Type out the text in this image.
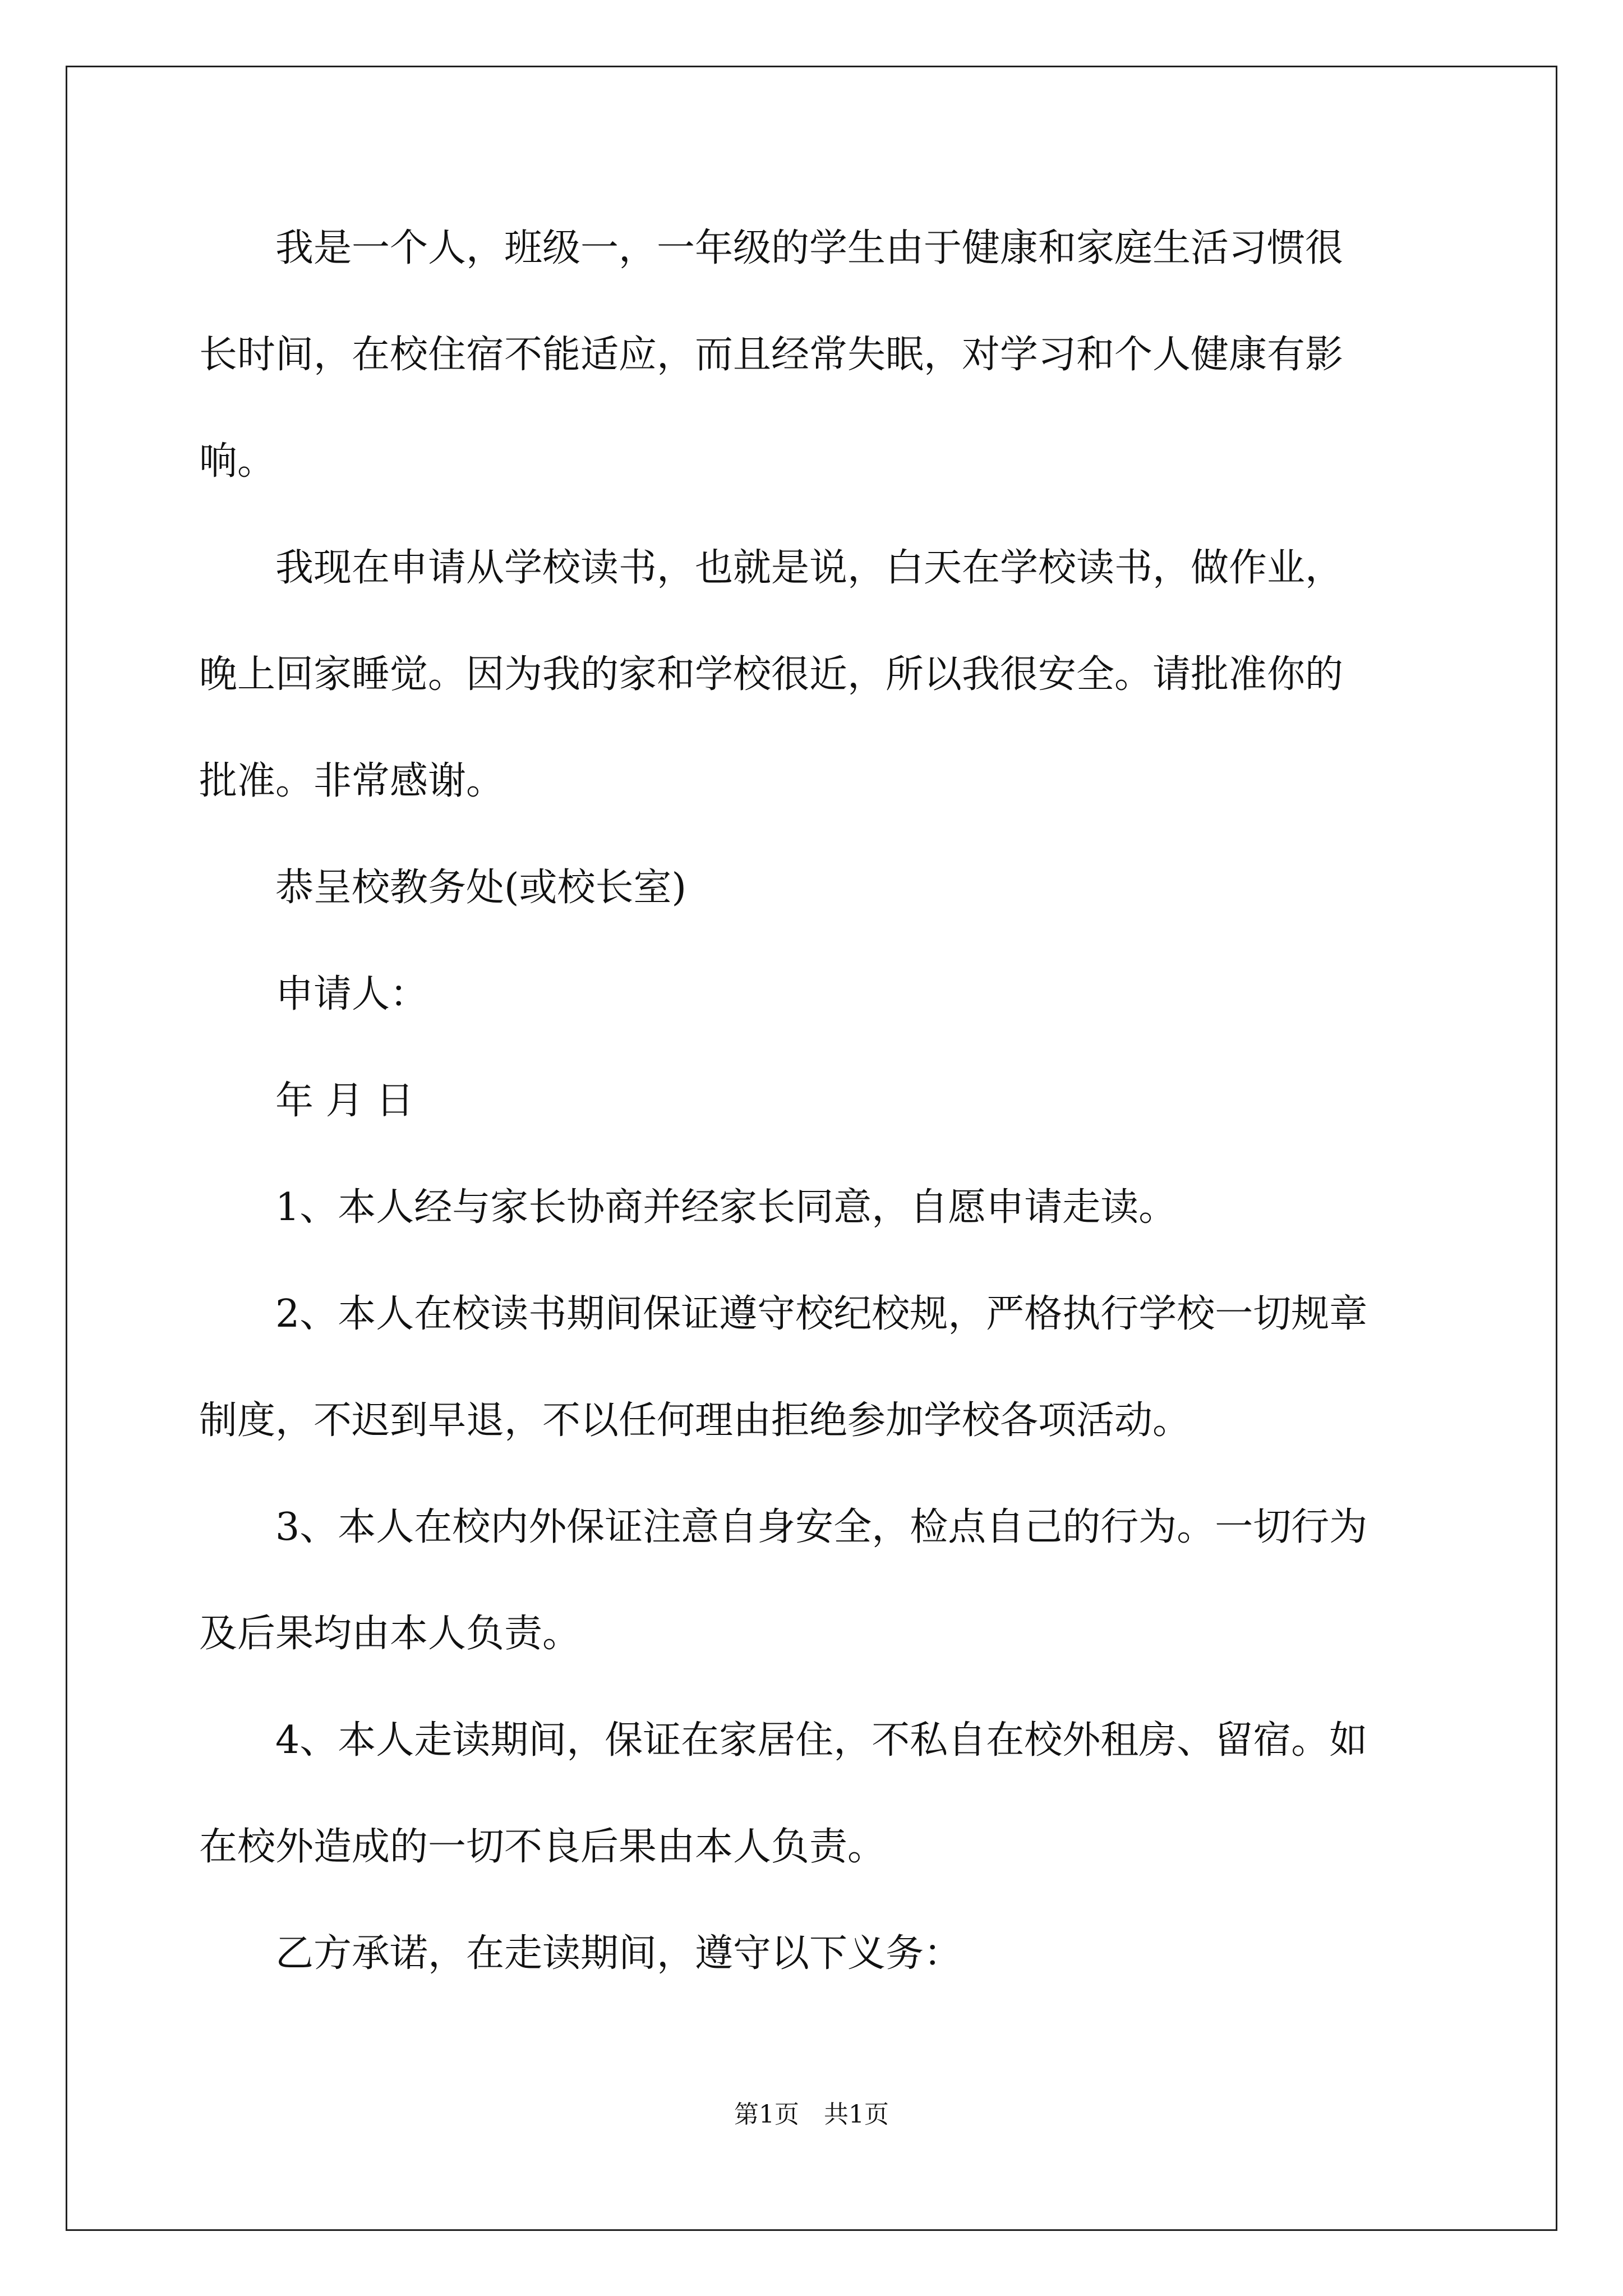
　　我是一个人，班级一，一年级的学生由于健康和家庭生活习惯很

长时间，在校住宿不能适应，而且经常失眠，对学习和个人健康有影

响。

　　我现在申请从学校读书，也就是说，白天在学校读书，做作业，

晚上回家睡觉。因为我的家和学校很近，所以我很安全。请批准你的

批准。非常感谢。

　　恭呈校教务处(或校长室)

　　申请人：

　　年 月 日

　　1、本人经与家长协商并经家长同意，自愿申请走读。

　　2、本人在校读书期间保证遵守校纪校规，严格执行学校一切规章

制度，不迟到早退，不以任何理由拒绝参加学校各项活动。

　　3、本人在校内外保证注意自身安全，检点自己的行为。一切行为

及后果均由本人负责。

　　4、本人走读期间，保证在家居住，不私自在校外租房、留宿。如

在校外造成的一切不良后果由本人负责。

　　乙方承诺，在走读期间，遵守以下义务：

第1页　共1页
